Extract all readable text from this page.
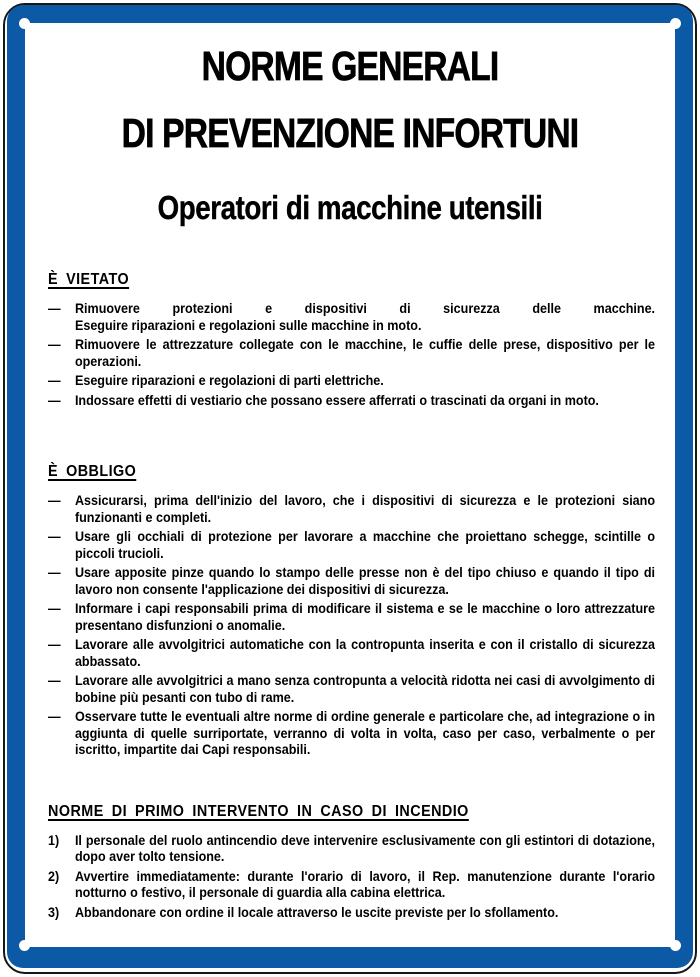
NORME GENERALI
DI PREVENZIONE INFORTUNI
Operatori di macchine utensili
È VIETATO
—	Rimuovere protezioni e dispositivi di sicurezza delle macchine.
Eseguire riparazioni e regolazioni sulle macchine in moto.
—	Rimuovere le attrezzature collegate con le macchine, le cuffie delle prese, dispositivo per le operazioni.
—	Eseguire riparazioni e regolazioni di parti elettriche.
—	Indossare effetti di vestiario che possano essere afferrati o trascinati da organi in moto.
È OBBLIGO
—	Assicurarsi, prima dell'inizio del lavoro, che i dispositivi di sicurezza e le protezioni siano funzionanti e completi.
—	Usare gli occhiali di protezione per lavorare a macchine che proiettano schegge, scintille o piccoli trucioli.
—	Usare apposite pinze quando lo stampo delle presse non è del tipo chiuso e quando il tipo di lavoro non consente l'applicazione dei dispositivi di sicurezza.
—	Informare i capi responsabili prima di modificare il sistema e se le macchine o loro attrezzature presentano disfunzioni o anomalie.
—	Lavorare alle avvolgitrici automatiche con la contropunta inserita e con il cristallo di sicurezza abbassato.
—	Lavorare alle avvolgitrici a mano senza contropunta a velocità ridotta nei casi di avvolgimento di bobine più pesanti con tubo di rame.
—	Osservare tutte le eventuali altre norme di ordine generale e particolare che, ad integrazione o in aggiunta di quelle surriportate, verranno di volta in volta, caso per caso, verbalmente o per iscritto, impartite dai Capi responsabili.
NORME DI PRIMO INTERVENTO IN CASO DI INCENDIO
1)	Il personale del ruolo antincendio deve intervenire esclusivamente con gli estintori di dotazione, dopo aver tolto tensione.
2)	Avvertire immediatamente: durante l'orario di lavoro, il Rep. manutenzione durante l'orario notturno o festivo, il personale di guardia alla cabina elettrica.
3)	Abbandonare con ordine il locale attraverso le uscite previste per lo sfollamento.
